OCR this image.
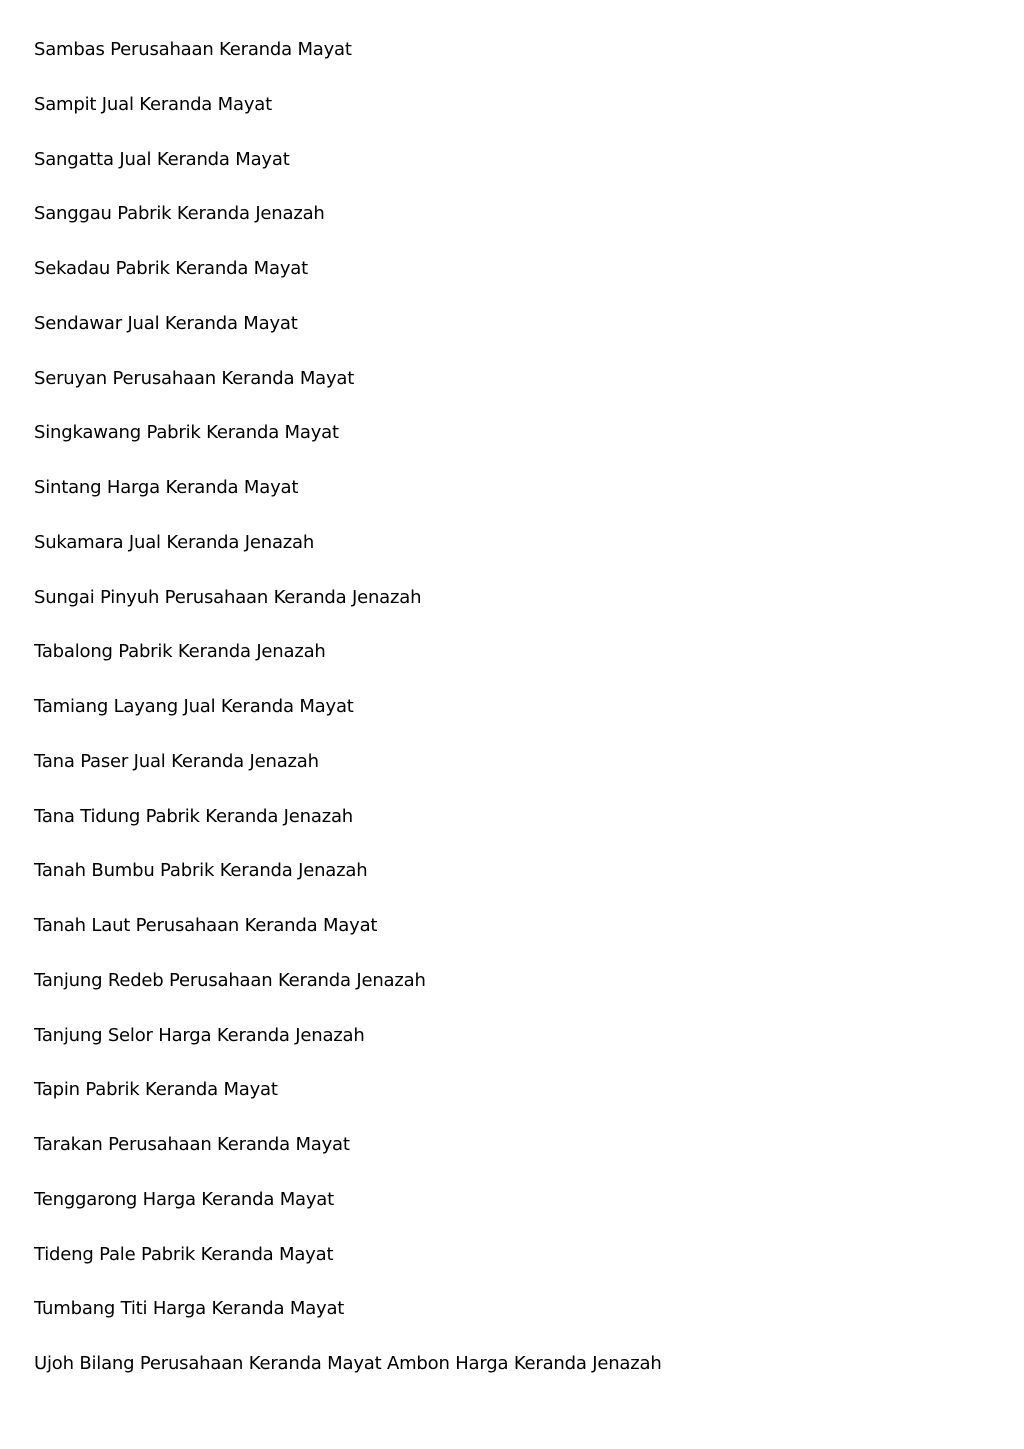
Sambas Perusahaan Keranda Mayat
Sampit Jual Keranda Mayat
Sangatta Jual Keranda Mayat
Sanggau Pabrik Keranda Jenazah
Sekadau Pabrik Keranda Mayat
Sendawar Jual Keranda Mayat
Seruyan Perusahaan Keranda Mayat
Singkawang Pabrik Keranda Mayat
Sintang Harga Keranda Mayat
Sukamara Jual Keranda Jenazah
Sungai Pinyuh Perusahaan Keranda Jenazah
Tabalong Pabrik Keranda Jenazah
Tamiang Layang Jual Keranda Mayat
Tana Paser Jual Keranda Jenazah
Tana Tidung Pabrik Keranda Jenazah
Tanah Bumbu Pabrik Keranda Jenazah
Tanah Laut Perusahaan Keranda Mayat
Tanjung Redeb Perusahaan Keranda Jenazah
Tanjung Selor Harga Keranda Jenazah
Tapin Pabrik Keranda Mayat
Tarakan Perusahaan Keranda Mayat
Tenggarong Harga Keranda Mayat
Tideng Pale Pabrik Keranda Mayat
Tumbang Titi Harga Keranda Mayat
Ujoh Bilang Perusahaan Keranda Mayat Ambon Harga Keranda Jenazah
